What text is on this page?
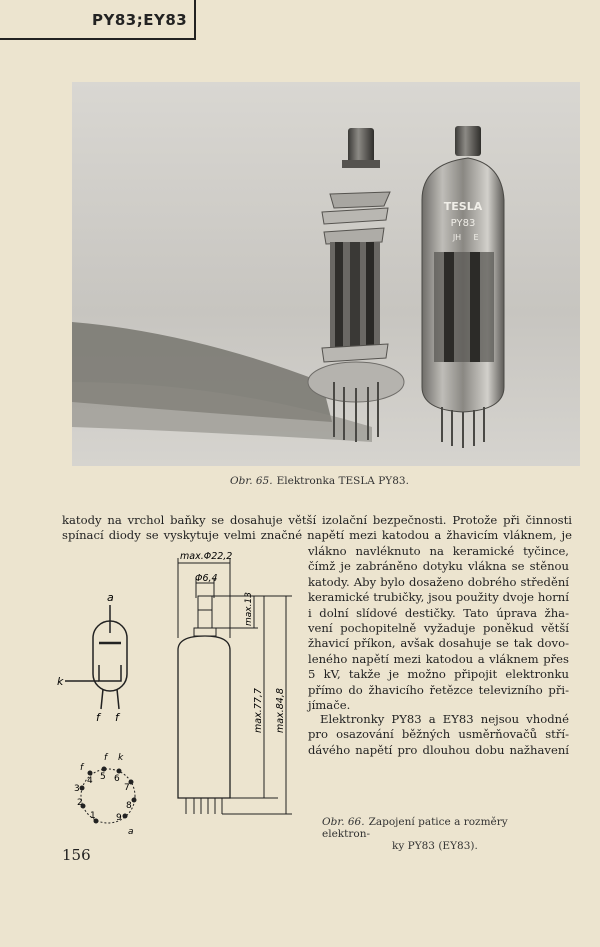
PY83;EY83
TESLA
PY83
JH E
Obr. 65. Elektronka TESLA PY83.
katody na vrchol baňky se dosahuje větší izolační bezpečnosti. Protože při činnosti
spínací diody se vyskytuje velmi značné napětí mezi katodou a žhavicím vláknem, je
vlákno navléknuto na keramické tyčince,
čímž je zabráněno dotyku vlákna se stěnou
katody. Aby bylo dosaženo dobrého středění
keramické trubičky, jsou použity dvoje horní
i dolní slídové destičky. Tato úprava žha-
vení pochopitelně vyžaduje poněkud větší
žhavicí příkon, avšak dosahuje se tak dovo-
leného napětí mezi katodou a vláknem přes
5 kV, takže je možno připojit elektronku
přímo do žhavicího řetězce televizního při-
jímače.
Elektronky PY83 a EY83 nejsou vhodné
pro osazování běžných usměrňovačů stří-
dávého napětí pro dlouhou dobu nažhavení
a
k
f f
1
2
3
4 5 6
7
8
9
f
f k
a
max.Φ22,2
Φ6,4
max.13
max.77,7 max.84,8
Obr. 66. Zapojení patice a rozměry elektron-
ky PY83 (EY83).
156
